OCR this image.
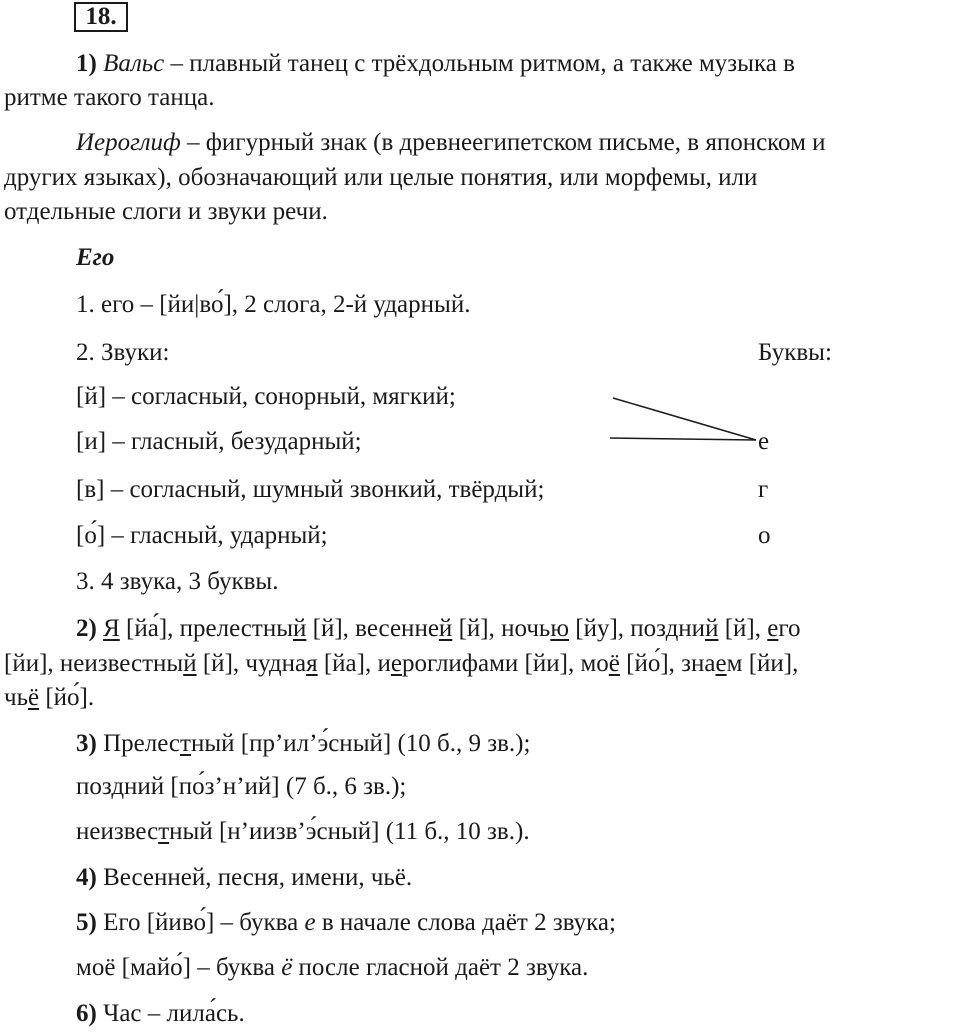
18.
1) Вальс – плавный танец с трёхдольным ритмом, а также музыка в
ритме такого танца.
Иероглиф – фигурный знак (в древнеегипетском письме, в японском и
других языках), обозначающий или целые понятия, или морфемы, или
отдельные слоги и звуки речи.
Его
1. его – [йи|во́], 2 слога, 2-й ударный.
2. Звуки:	Буквы:
[й] – согласный, сонорный, мягкий;
[и] – гласный, безударный;
[в] – согласный, шумный звонкий, твёрдый;
[о́] – гласный, ударный;
е
г
о
3. 4 звука, 3 буквы.
2) Я [йа́], прелестный [й], весенней [й], ночью [йу], поздний [й], его
[йи], неизвестный [й], чудная [йа], иероглифами [йи], моё [йо́], знаем [йи],
чьё [йо́].
3) Прелестный [пр’ил’э́сный] (10 б., 9 зв.);
поздний [по́з’н’ий] (7 б., 6 зв.);
неизвестный [н’иизв’э́сный] (11 б., 10 зв.).
4) Весенней, песня, имени, чьё.
5) Его [йиво́] – буква е в начале слова даёт 2 звука;
моё [майо́] – буква ё после гласной даёт 2 звука.
6) Час – лила́сь.
